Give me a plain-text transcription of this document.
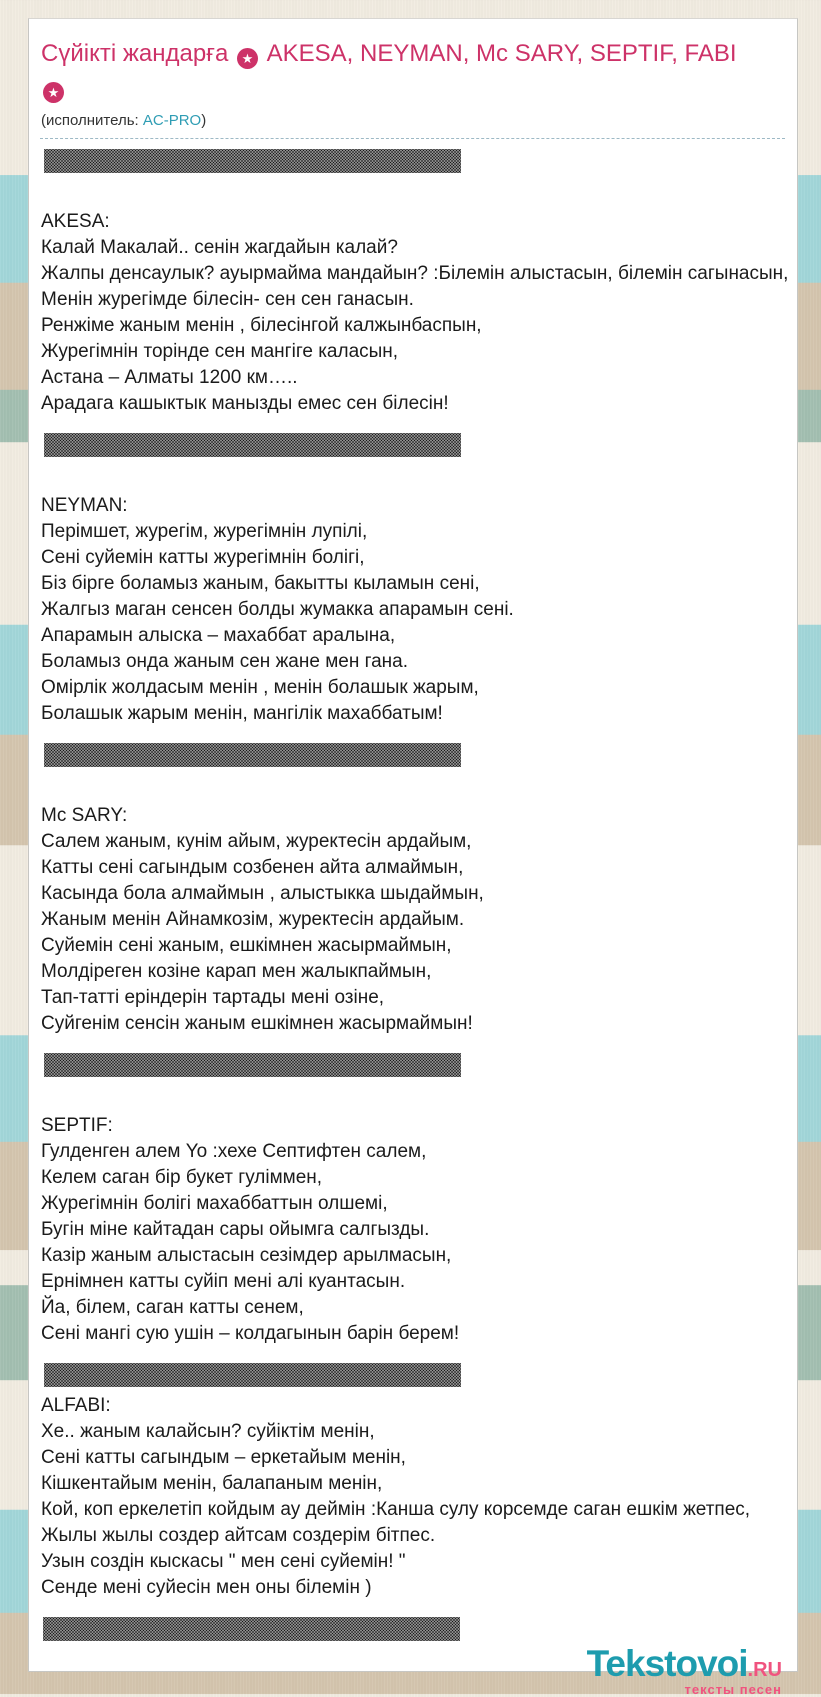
Сүйікті жандарға ★ AKESA, NEYMAN, Mc SARY, SEPTIF, FABI

★
(исполнитель: AC-PRO)
AKESA:
Калай Макалай.. сенін жагдайын калай?
Жалпы денсаулык? ауырмайма мандайын? :Білемін алыстасын, білемін сагынасын,
Менін журегімде білесін- сен сен ганасын.
Ренжіме жаным менін , білесінгой калжынбаспын,
Журегімнін торінде сен мангіге каласын,
Астана – Алматы 1200 км…..
Арадага кашыктык манызды емес сен білесін!
NEYMAN:
Перімшет, журегім, журегімнін лупілі,
Сені суйемін катты журегімнін болігі,
Біз бірге боламыз жаным, бакытты кыламын сені,
Жалгыз маган сенсен болды жумакка апарамын сені.
Апарамын алыска – махаббат аралына,
Боламыз онда жаным сен жане мен гана.
Омірлік жолдасым менін , менін болашык жарым,
Болашык жарым менін, мангілік махаббатым!
Mc SARY:
Салем жаным, кунім айым, журектесін ардайым,
Катты сені сагындым созбенен айта алмаймын,
Касында бола алмаймын , алыстыкка шыдаймын,
Жаным менін Айнамкозім, журектесін ардайым.
Суйемін сені жаным, ешкімнен жасырмаймын,
Молдіреген козіне карап мен жалыкпаймын,
Тап-татті еріндерін тартады мені озіне,
Суйгенім сенсін жаным ешкімнен жасырмаймын!
SEPTIF:
Гулденген алем Yo :хехе Септифтен салем,
Келем саган бір букет гуліммен,
Журегімнін болігі махаббаттын олшемі,
Бугін міне кайтадан сары ойымга салгызды.
Казір жаным алыстасын сезімдер арылмасын,
Ернімнен катты суйіп мені алі куантасын.
Йа, білем, саган катты сенем,
Сені мангі сую ушін – колдагынын барін берем!
ALFABI:
Хе.. жаным калайсын? суйіктім менін,
Сені катты сагындым – еркетайым менін,
Кішкентайым менін, балапаным менін,
Кой, коп еркелетіп койдым ау деймін :Канша сулу корсемде саган ешкім жетпес,
Жылы жылы создер айтсам создерім бітпес.
Узын создін кыскасы " мен сені суйемін! "
Сенде мені суйесін мен оны білемін )
Tekstovoi.RU
тексты песен
